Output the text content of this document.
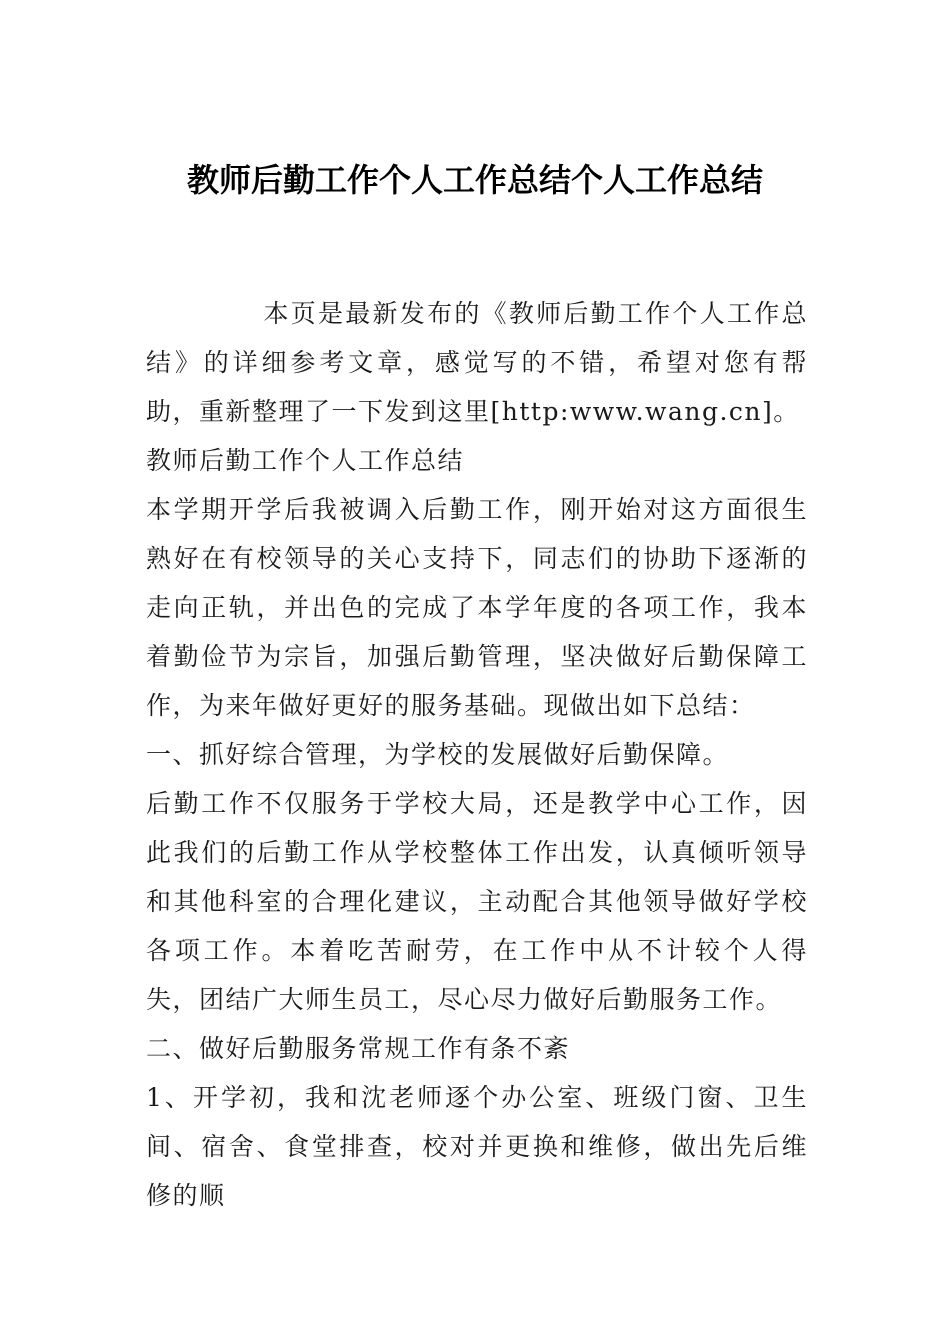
教师后勤工作个人工作总结个人工作总结

本页是最新发布的《教师后勤工作个人工作总结》的详细参考文章，感觉写的不错，希望对您有帮助，重新整理了一下发到这里[http:www.wang.cn]。

教师后勤工作个人工作总结

本学期开学后我被调入后勤工作，刚开始对这方面很生熟好在有校领导的关心支持下，同志们的协助下逐渐的走向正轨，并出色的完成了本学年度的各项工作，我本着勤俭节为宗旨，加强后勤管理，坚决做好后勤保障工作，为来年做好更好的服务基础。现做出如下总结：

一、抓好综合管理，为学校的发展做好后勤保障。

后勤工作不仅服务于学校大局，还是教学中心工作，因此我们的后勤工作从学校整体工作出发，认真倾听领导和其他科室的合理化建议，主动配合其他领导做好学校各项工作。本着吃苦耐劳，在工作中从不计较个人得失，团结广大师生员工，尽心尽力做好后勤服务工作。

二、做好后勤服务常规工作有条不紊

1、开学初，我和沈老师逐个办公室、班级门窗、卫生间、宿舍、食堂排查，校对并更换和维修，做出先后维修的顺
